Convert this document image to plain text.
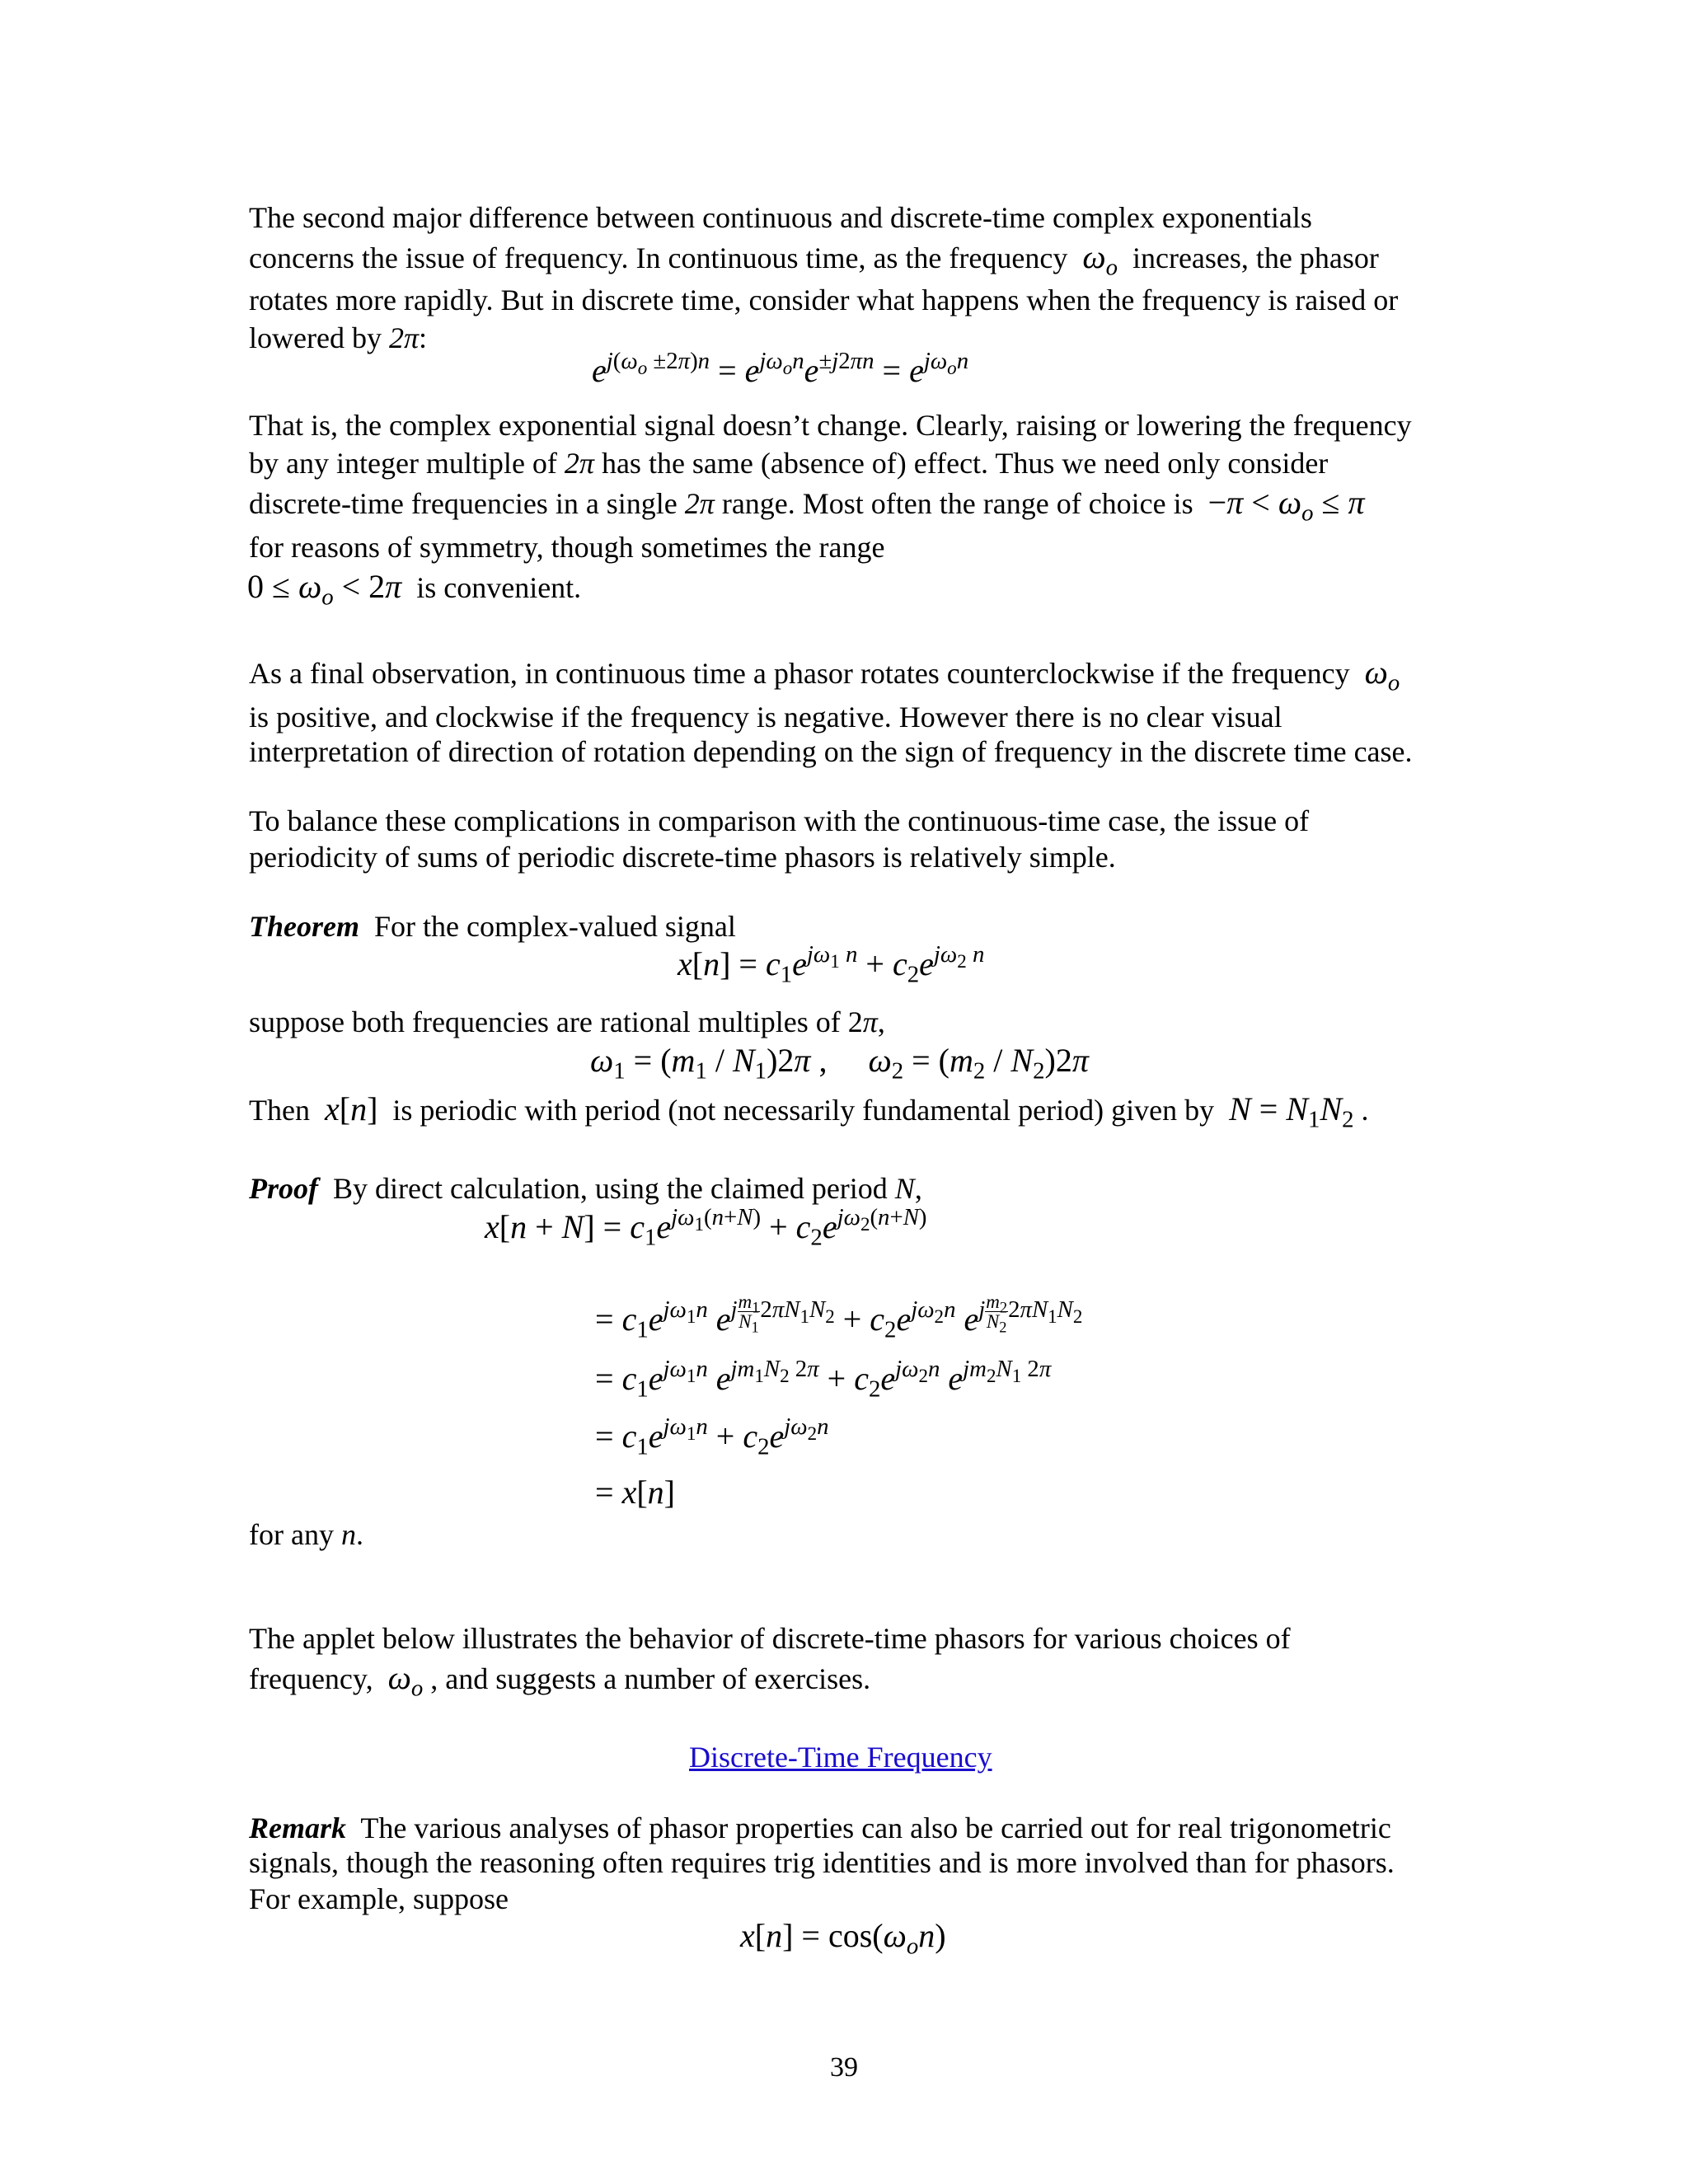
The second major difference between continuous and discrete-time complex exponentials
concerns the issue of frequency. In continuous time, as the frequency $\omega_o$ increases, the phasor
rotates more rapidly. But in discrete time, consider what happens when the frequency is raised or
lowered by 2π:
$e^{j(\omega_o \pm 2\pi)n} = e^{j\omega_on}e^{\pm j2\pi n} = e^{j\omega_on}$
That is, the complex exponential signal doesn’t change. Clearly, raising or lowering the frequency
by any integer multiple of 2π has the same (absence of) effect. Thus we need only consider
discrete-time frequencies in a single 2π range. Most often the range of choice is $-\pi < \omega_o \le \pi$
for reasons of symmetry, though sometimes the range
$0 \le \omega_o < 2\pi$ is convenient.
As a final observation, in continuous time a phasor rotates counterclockwise if the frequency $\omega_o$
is positive, and clockwise if the frequency is negative. However there is no clear visual
interpretation of direction of rotation depending on the sign of frequency in the discrete time case.
To balance these complications in comparison with the continuous-time case, the issue of
periodicity of sums of periodic discrete-time phasors is relatively simple.
Theorem For the complex-valued signal
$x[n] = c_1e^{j\omega_1 n} + c_2e^{j\omega_2 n}$
suppose both frequencies are rational multiples of 2π,
$\omega_1 = (m_1 / N_1)2\pi$ ,     $\omega_2 = (m_2 / N_2)2\pi$
Then x[n] is periodic with period (not necessarily fundamental period) given by $N = N_1N_2$ .
Proof By direct calculation, using the claimed period N,
$x[n + N] = c_1e^{j\omega_1(n+N)} + c_2e^{j\omega_2(n+N)}$
= $c_1e^{j\omega_1n}$ $e^{j \frac{m_1}{N_1} 2\pi N_1N_2} + c_2e^{j\omega_2n}$ $e^{j \frac{m_2}{N_2} 2\pi N_1N_2}$
= $c_1e^{j\omega_1n}$ $e^{jm_1N_2 2\pi} + c_2e^{j\omega_2n}$ $e^{jm_2N_1 2\pi}$
= $c_1e^{j\omega_1n} + c_2e^{j\omega_2n}$
= x[n]
for any n.
The applet below illustrates the behavior of discrete-time phasors for various choices of
frequency, $\omega_o$ , and suggests a number of exercises.
Discrete-Time Frequency
Remark The various analyses of phasor properties can also be carried out for real trigonometric
signals, though the reasoning often requires trig identities and is more involved than for phasors.
For example, suppose
$x[n] = \cos(\omega_on)$
39
